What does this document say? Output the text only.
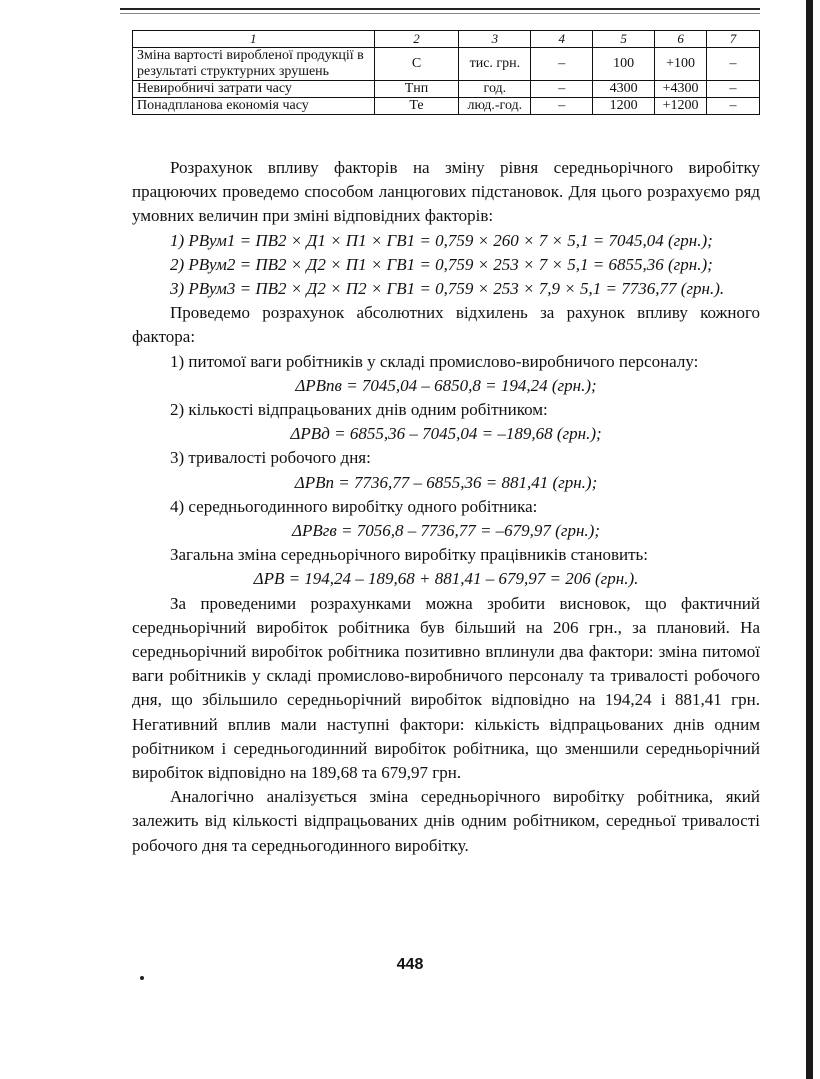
1	2	3	4	5	6	7
Зміна вартості виробленої продукції в результаті структурних зрушень	С	тис. грн.	–	100	+100	–
Невиробничі затрати часу	Тнп	год.	–	4300	+4300	–
Понадпланова економія часу	Те	люд.-год.	–	1200	+1200	–

Розрахунок впливу факторів на зміну рівня середньорічного виробітку працюючих проведемо способом ланцюгових підстановок. Для цього розрахуємо ряд умовних величин при зміні відповідних факторів:

1) РВум1 = ПВ2 × Д1 × П1 × ГВ1 = 0,759 × 260 × 7 × 5,1 = 7045,04 (грн.);

2) РВум2 = ПВ2 × Д2 × П1 × ГВ1 = 0,759 × 253 × 7 × 5,1 = 6855,36 (грн.);

3) РВум3 = ПВ2 × Д2 × П2 × ГВ1 = 0,759 × 253 × 7,9 × 5,1 = 7736,77 (грн.).

Проведемо розрахунок абсолютних відхилень за рахунок впливу кожного фактора:

1) питомої ваги робітників у складі промислово-виробничого персоналу:

ΔРВпв = 7045,04 – 6850,8 = 194,24 (грн.);

2) кількості відпрацьованих днів одним робітником:

ΔРВд = 6855,36 – 7045,04 = –189,68 (грн.);

3) тривалості робочого дня:

ΔРВп = 7736,77 – 6855,36 = 881,41 (грн.);

4) середньогодинного виробітку одного робітника:

ΔРВгв = 7056,8 – 7736,77 = –679,97 (грн.);

Загальна зміна середньорічного виробітку працівників становить:

ΔРВ = 194,24 – 189,68 + 881,41 – 679,97 = 206 (грн.).

За проведеними розрахунками можна зробити висновок, що фактичний середньорічний виробіток робітника був більший на 206 грн., за плановий. На середньорічний виробіток робітника позитивно вплинули два фактори: зміна питомої ваги робітників у складі промислово-виробничого персоналу та тривалості робочого дня, що збільшило середньорічний виробіток відповідно на 194,24 і 881,41 грн. Негативний вплив мали наступні фактори: кількість відпрацьованих днів одним робітником і середньогодинний виробіток робітника, що зменшили середньорічний виробіток відповідно на 189,68 та 679,97 грн.

Аналогічно аналізується зміна середньорічного виробітку робітника, який залежить від кількості відпрацьованих днів одним робітником, середньої тривалості робочого дня та середньогодинного виробітку.

448
